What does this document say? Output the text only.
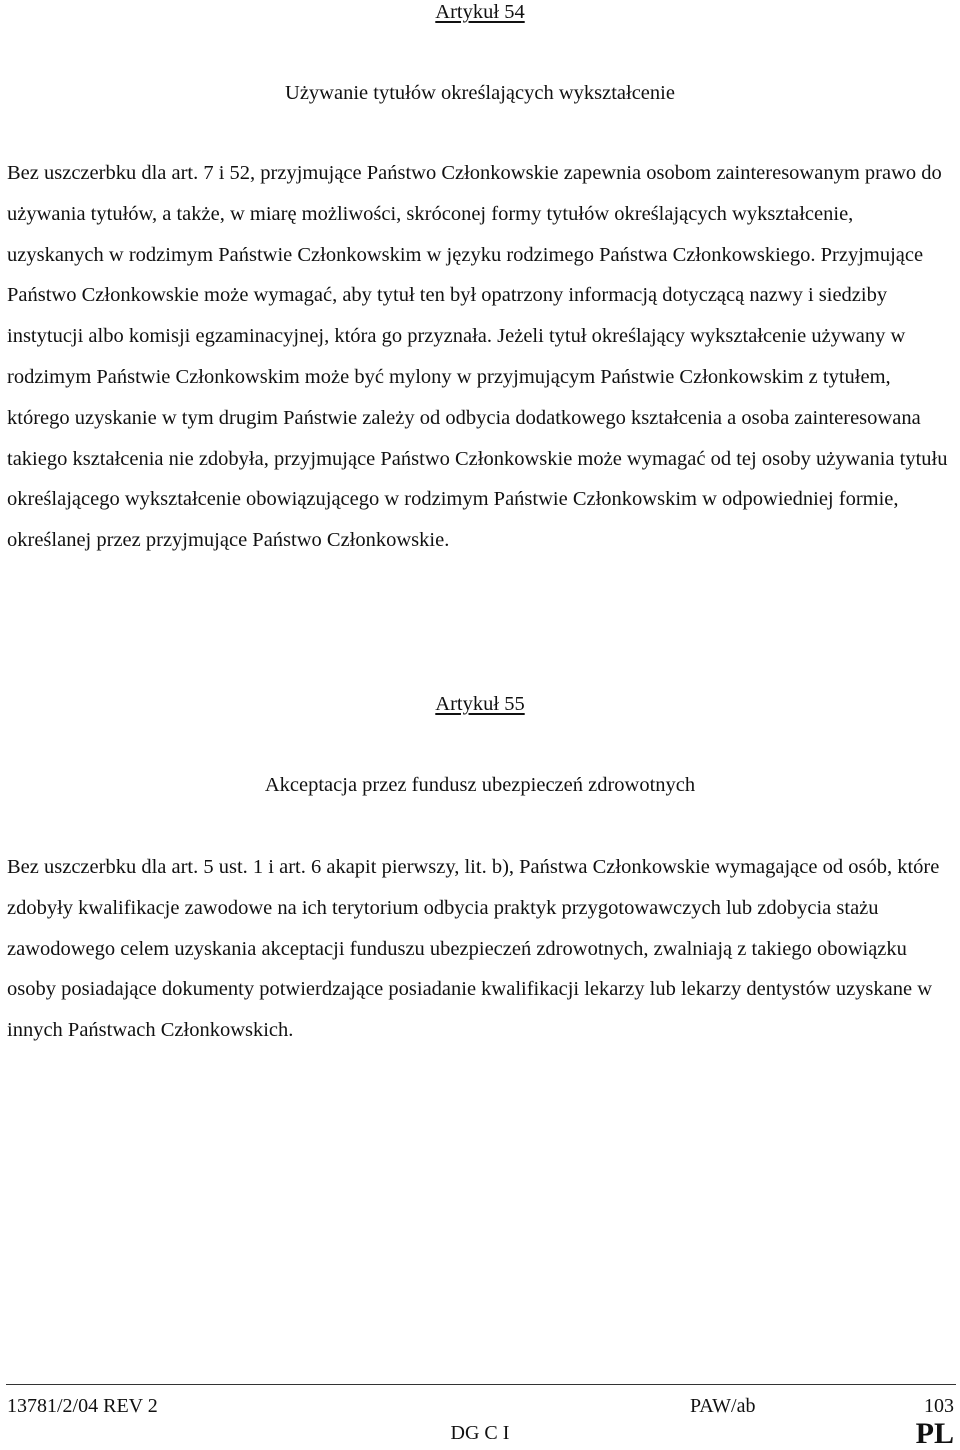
Artykuł 54
Używanie tytułów określających wykształcenie

Bez uszczerbku dla art. 7 i 52, przyjmujące Państwo Członkowskie zapewnia osobom zainteresowanym prawo do używania tytułów, a także, w miarę możliwości, skróconej formy tytułów określających wykształcenie, uzyskanych w rodzimym Państwie Członkowskim w języku rodzimego Państwa Członkowskiego. Przyjmujące Państwo Członkowskie może wymagać, aby tytuł ten był opatrzony informacją dotyczącą nazwy i siedziby instytucji albo komisji egzaminacyjnej, która go przyznała. Jeżeli tytuł określający wykształcenie używany w rodzimym Państwie Członkowskim może być mylony w przyjmującym Państwie Członkowskim z tytułem, którego uzyskanie w tym drugim Państwie zależy od odbycia dodatkowego kształcenia a osoba zainteresowana takiego kształcenia nie zdobyła, przyjmujące Państwo Członkowskie może wymagać od tej osoby używania tytułu określającego wykształcenie obowiązującego w rodzimym Państwie Członkowskim w odpowiedniej formie, określanej przez przyjmujące Państwo Członkowskie.

Artykuł 55
Akceptacja przez fundusz ubezpieczeń zdrowotnych

Bez uszczerbku dla art. 5 ust. 1 i art. 6 akapit pierwszy, lit. b), Państwa Członkowskie wymagające od osób, które zdobyły kwalifikacje zawodowe na ich terytorium odbycia praktyk przygotowawczych lub zdobycia stażu zawodowego celem uzyskania akceptacji funduszu ubezpieczeń zdrowotnych, zwalniają z takiego obowiązku osoby posiadające dokumenty potwierdzające posiadanie kwalifikacji lekarzy lub lekarzy dentystów uzyskane w innych Państwach Członkowskich.

13781/2/04 REV 2	PAW/ab	103
DG C I	PL
